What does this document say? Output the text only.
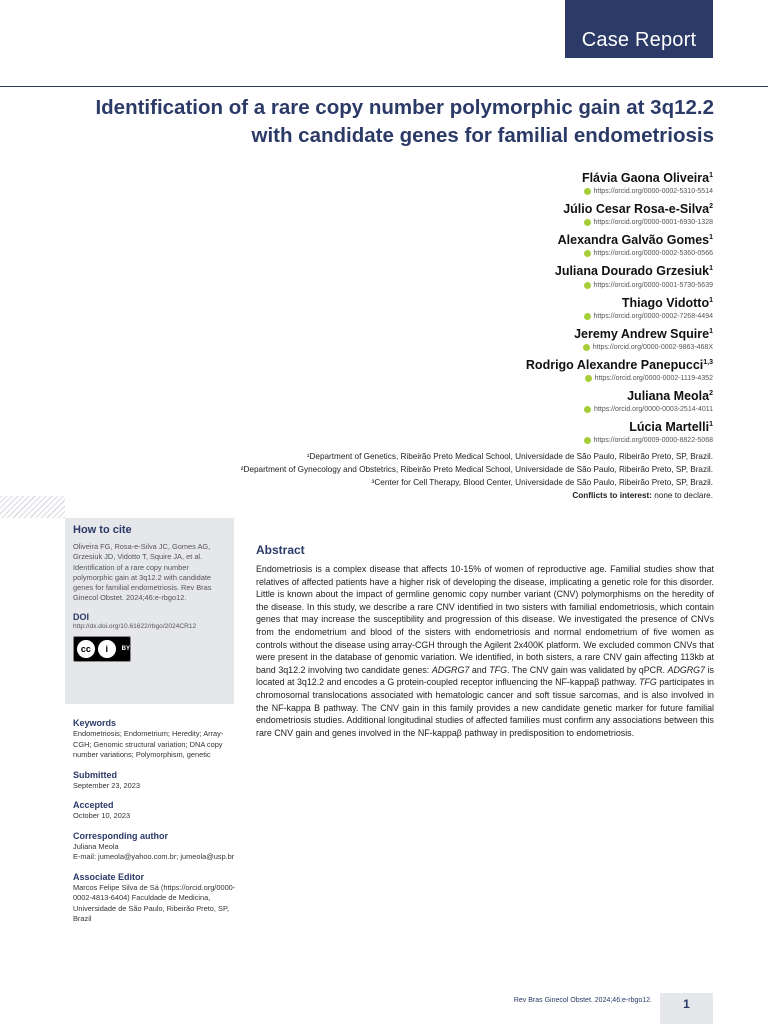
Case Report
Identification of a rare copy number polymorphic gain at 3q12.2 with candidate genes for familial endometriosis
Flávia Gaona Oliveira$^1$
https://orcid.org/0000-0002-5310-5514
Júlio Cesar Rosa-e-Silva$^2$
https://orcid.org/0000-0001-6930-1328
Alexandra Galvão Gomes$^1$
https://orcid.org/0000-0002-5360-0566
Juliana Dourado Grzesiuk$^1$
https://orcid.org/0000-0001-5730-5639
Thiago Vidotto$^1$
https://orcid.org/0000-0002-7268-4494
Jeremy Andrew Squire$^1$
https://orcid.org/0000-0002-9863-468X
Rodrigo Alexandre Panepucci$^{1,3}$
https://orcid.org/0000-0002-1119-4352
Juliana Meola$^2$
https://orcid.org/0000-0003-2514-4011
Lúcia Martelli$^1$
https://orcid.org/0009-0000-8822-5068
¹Department of Genetics, Ribeirão Preto Medical School, Universidade de São Paulo, Ribeirão Preto, SP, Brazil.
²Department of Gynecology and Obstetrics, Ribeirão Preto Medical School, Universidade de São Paulo, Ribeirão Preto, SP, Brazil.
³Center for Cell Therapy, Blood Center, Universidade de São Paulo, Ribeirão Preto, SP, Brazil.
Conflicts to interest: none to declare.
How to cite
Oliveira FG, Rosa-e-Silva JC, Gomes AG, Grzesiuk JD, Vidotto T, Squire JA, et al. Identification of a rare copy number polymorphic gain at 3q12.2 with candidate genes for familial endometriosis. Rev Bras Ginecol Obstet. 2024;46:e-rbgo12.
DOI
http://dx.doi.org/10.61622/rbgo/2024CR12
cc	i	BY
Keywords
Endometriosis; Endometrium; Heredity; Array-CGH; Genomic structural variation; DNA copy number variations; Polymorphism, genetic
Submitted
September 23, 2023
Accepted
October 10, 2023
Corresponding author
Juliana Meola
E-mail: jumeola@yahoo.com.br; jumeola@usp.br
Associate Editor
Marcos Felipe Silva de Sá (https://orcid.org/0000-0002-4813-6404) Faculdade de Medicina, Universidade de São Paulo, Ribeirão Preto, SP, Brazil
Abstract
Endometriosis is a complex disease that affects 10-15% of women of reproductive age. Familial studies show that relatives of affected patients have a higher risk of developing the disease, implicating a genetic role for this disorder. Little is known about the impact of germline genomic copy number variant (CNV) polymorphisms on the heredity of the disease. In this study, we describe a rare CNV identified in two sisters with familial endometriosis, which contain genes that may increase the susceptibility and progression of this disease. We investigated the presence of CNVs from the endometrium and blood of the sisters with endometriosis and normal endometrium of five women as controls without the disease using array-CGH through the Agilent 2x400K platform. We excluded common CNVs that were present in the database of genomic variation. We identified, in both sisters, a rare CNV gain affecting 113kb at band 3q12.2 involving two candidate genes: ADGRG7 and TFG. The CNV gain was validated by qPCR. ADGRG7 is located at 3q12.2 and encodes a G protein-coupled receptor influencing the NF-kappaβ pathway. TFG participates in chromosomal translocations associated with hematologic cancer and soft tissue sarcomas, and is also involved in the NF-kappa B pathway. The CNV gain in this family provides a new candidate genetic marker for future familial endometriosis studies. Additional longitudinal studies of affected families must confirm any associations between this rare CNV gain and genes involved in the NF-kappaβ pathway in predisposition to endometriosis.
Rev Bras Ginecol Obstet. 2024;46:e-rbgo12.	1
